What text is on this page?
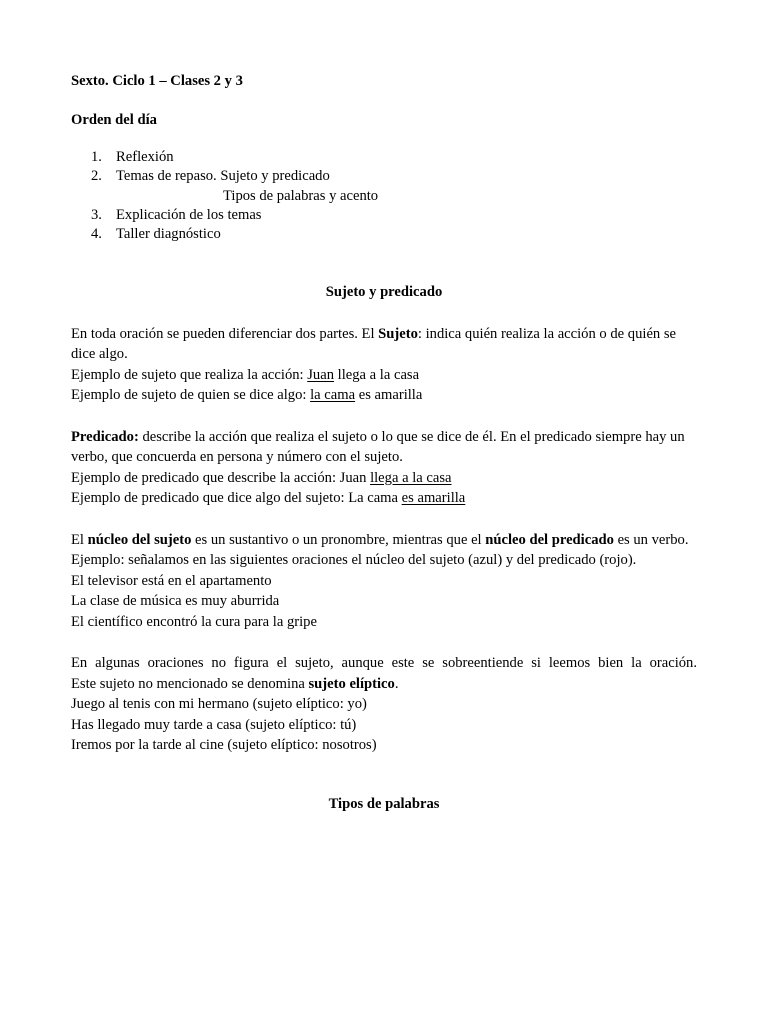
Sexto. Ciclo 1 – Clases 2 y 3

Orden del día

1. Reflexión
2. Temas de repaso. Sujeto y predicado
Tipos de palabras y acento
3. Explicación de los temas
4. Taller diagnóstico

Sujeto y predicado

En toda oración se pueden diferenciar dos partes. El Sujeto: indica quién realiza la acción o de quién se dice algo.

Ejemplo de sujeto que realiza la acción: Juan llega a la casa

Ejemplo de sujeto de quien se dice algo: la cama es amarilla

Predicado: describe la acción que realiza el sujeto o lo que se dice de él. En el predicado siempre hay un verbo, que concuerda en persona y número con el sujeto.

Ejemplo de predicado que describe la acción: Juan llega a la casa

Ejemplo de predicado que dice algo del sujeto: La cama es amarilla

El núcleo del sujeto es un sustantivo o un pronombre, mientras que el núcleo del predicado es un verbo.

Ejemplo: señalamos en las siguientes oraciones el núcleo del sujeto (azul) y del predicado (rojo).

El televisor está en el apartamento

La clase de música es muy aburrida

El científico encontró la cura para la gripe

En algunas oraciones no figura el sujeto, aunque este se sobreentiende si leemos bien la oración.

Este sujeto no mencionado se denomina sujeto elíptico.

Juego al tenis con mi hermano (sujeto elíptico: yo)

Has llegado muy tarde a casa (sujeto elíptico: tú)

Iremos por la tarde al cine (sujeto elíptico: nosotros)

Tipos de palabras
